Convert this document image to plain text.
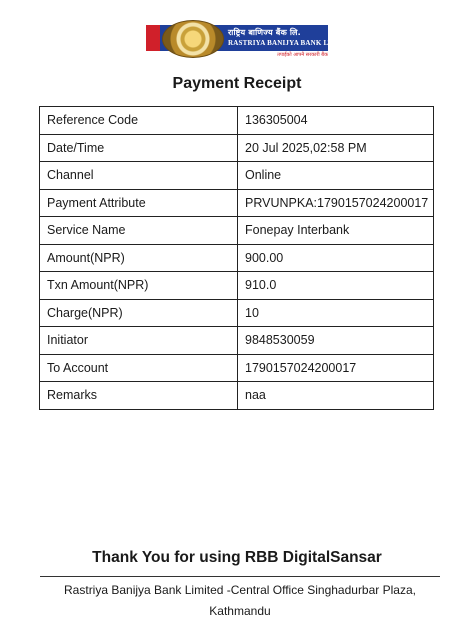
राष्ट्रिय बाणिज्य बैंक लि.
RASTRIYA BANIJYA BANK LTD.
तपाईंको आफ्नै सरकारी बैंक
Payment Receipt
Reference Code	136305004
Date/Time	20 Jul 2025,02:58 PM
Channel	Online
Payment Attribute	PRVUNPKA:1790157024200017
Service Name	Fonepay Interbank
Amount(NPR)	900.00
Txn Amount(NPR)	910.0
Charge(NPR)	10
Initiator	9848530059
To Account	1790157024200017
Remarks	naa
Thank You for using RBB DigitalSansar
Rastriya Banijya Bank Limited -Central Office Singhadurbar Plaza,
Kathmandu
